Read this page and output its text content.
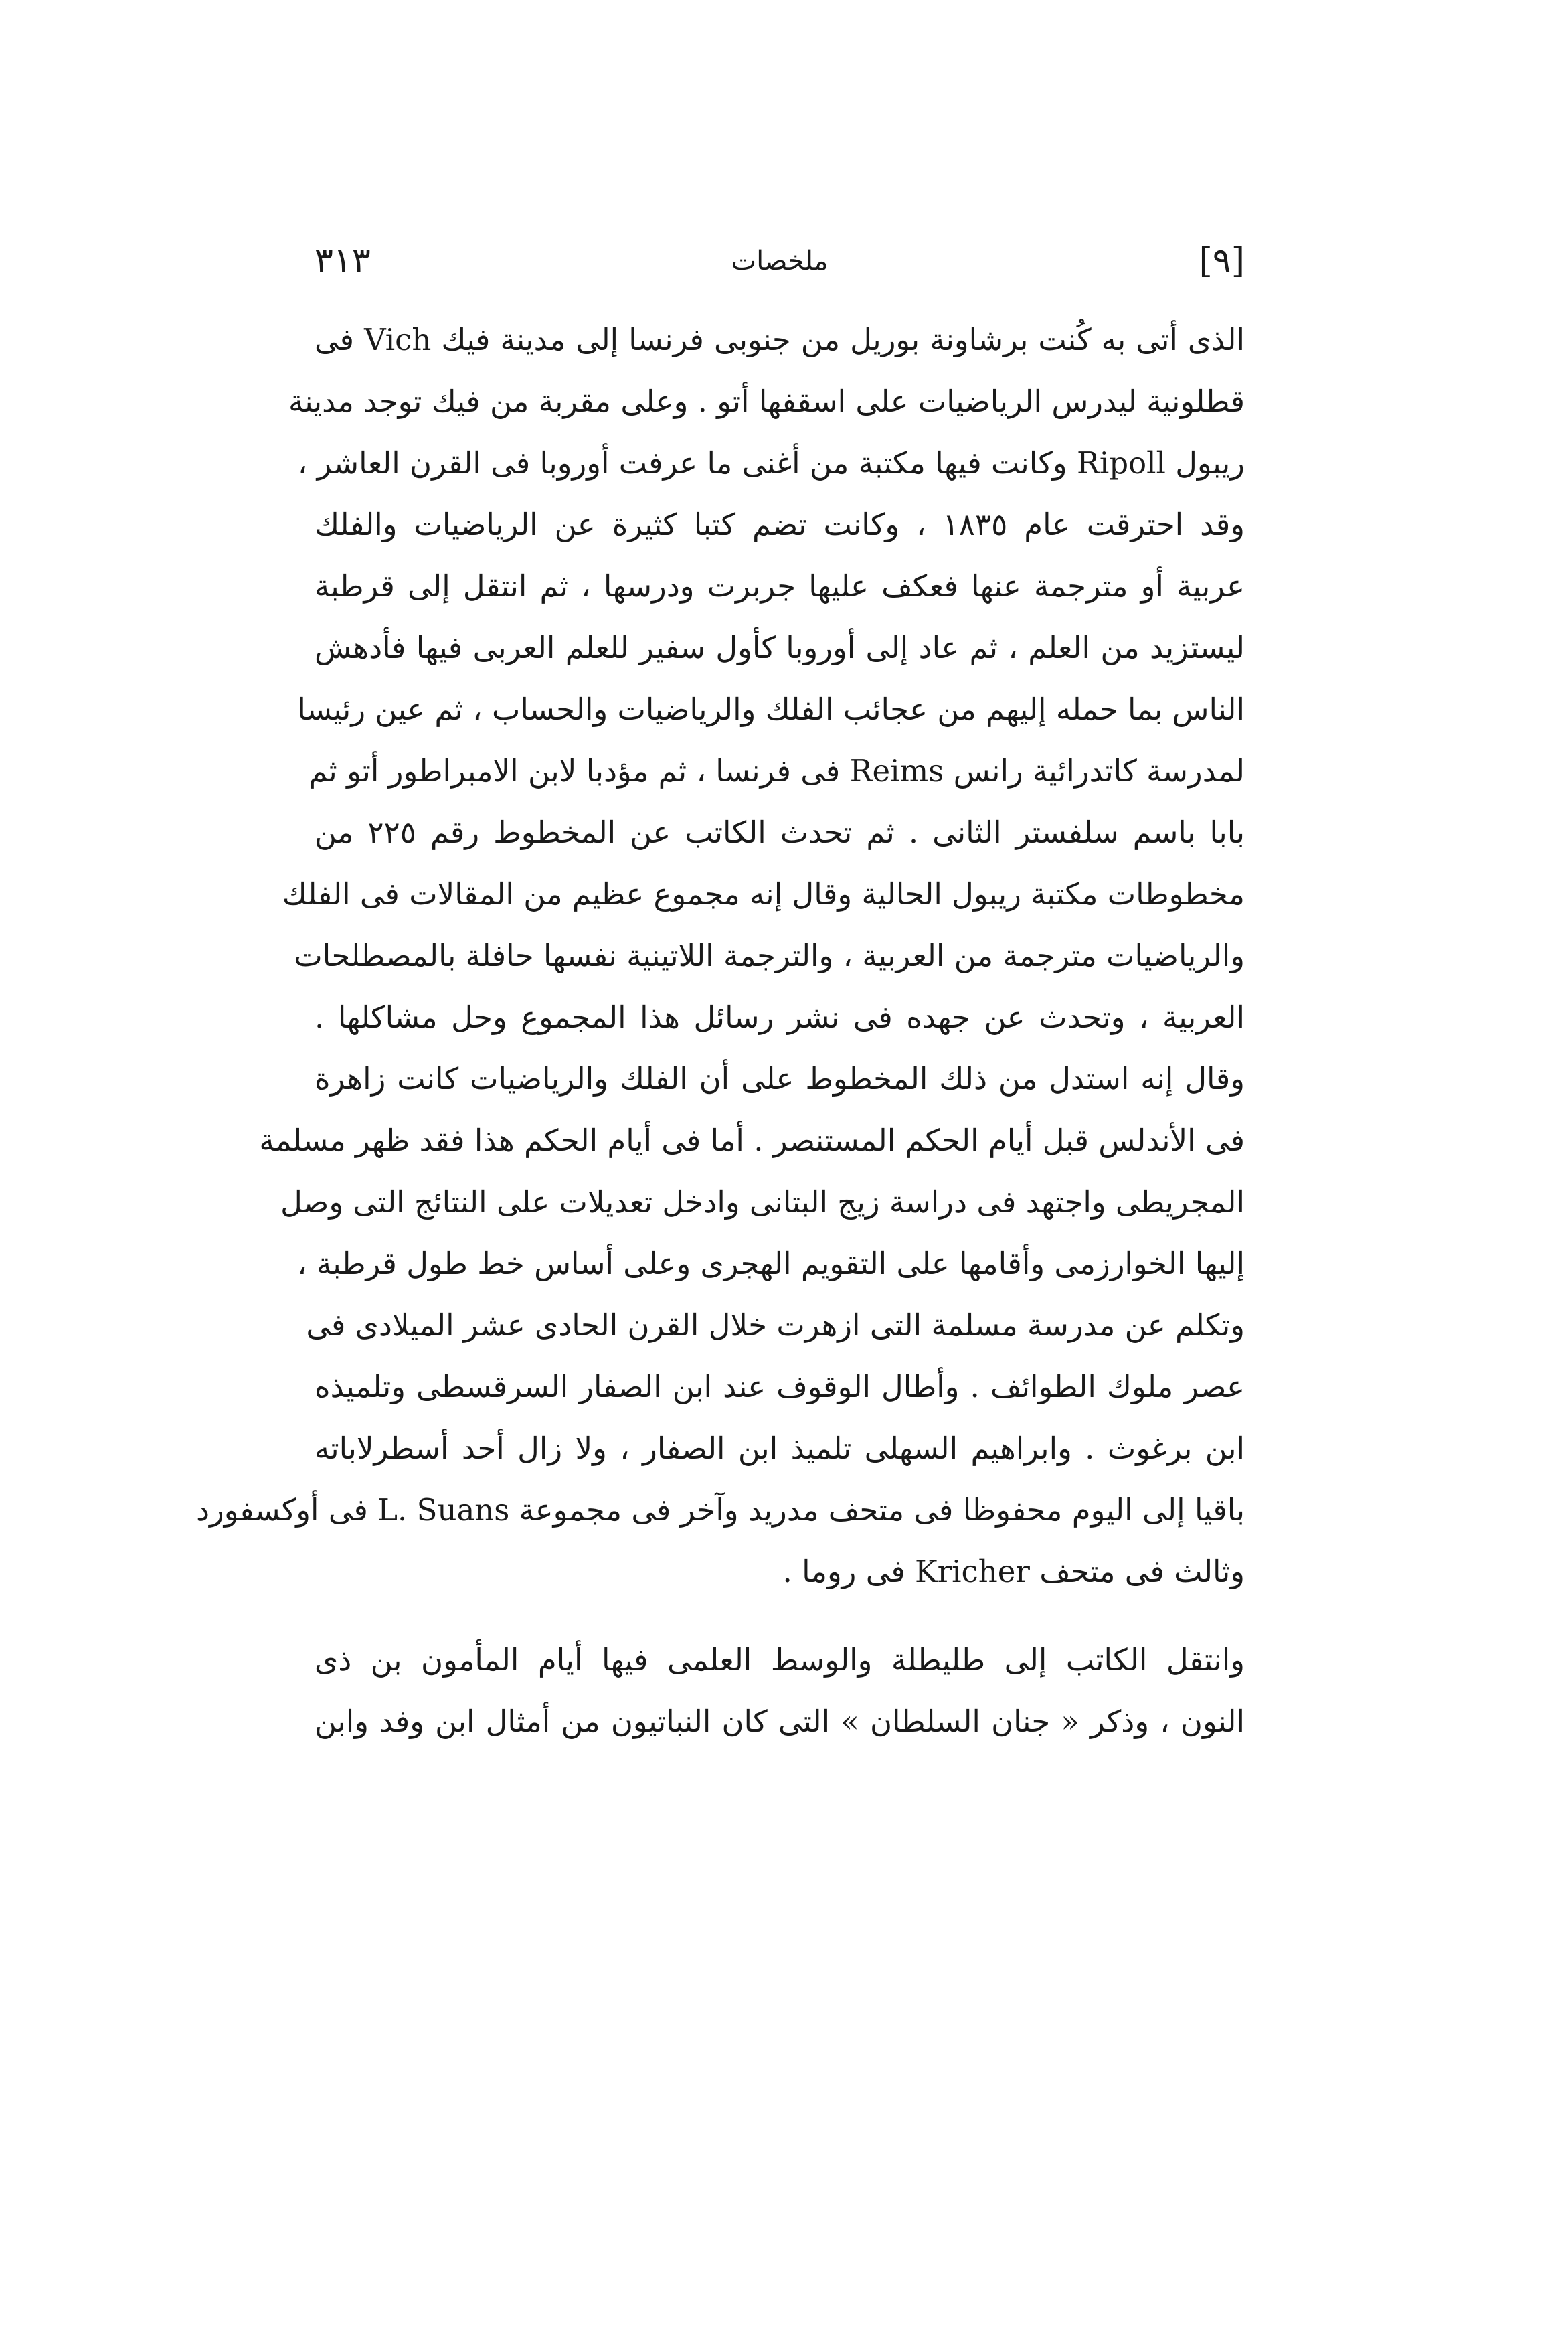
٣١٣	ملخصات	[٩]
الذى أتى به كُنت برشاونة بوريل من جنوبى فرنسا إلى مدينة فيك Vich فى
قطلونية ليدرس الرياضيات على اسقفها أتو . وعلى مقربة من فيك توجد مدينة
ريبول Ripoll وكانت فيها مكتبة من أغنى ما عرفت أوروبا فى القرن العاشر ،
وقد احترقت عام ١٨٣٥ ، وكانت تضم كتبا كثيرة عن الرياضيات والفلك
عربية أو مترجمة عنها فعكف عليها جربرت ودرسها ، ثم انتقل إلى قرطبة
ليستزيد من العلم ، ثم عاد إلى أوروبا كأول سفير للعلم العربى فيها فأدهش
الناس بما حمله إليهم من عجائب الفلك والرياضيات والحساب ، ثم عين رئيسا
لمدرسة كاتدرائية رانس Reims فى فرنسا ، ثم مؤدبا لابن الامبراطور أتو ثم
بابا باسم سلفستر الثانى . ثم تحدث الكاتب عن المخطوط رقم ٢٢٥ من
مخطوطات مكتبة ريبول الحالية وقال إنه مجموع عظيم من المقالات فى الفلك
والرياضيات مترجمة من العربية ، والترجمة اللاتينية نفسها حافلة بالمصطلحات
العربية ، وتحدث عن جهده فى نشر رسائل هذا المجموع وحل مشاكلها .
وقال إنه استدل من ذلك المخطوط على أن الفلك والرياضيات كانت زاهرة
فى الأندلس قبل أيام الحكم المستنصر . أما فى أيام الحكم هذا فقد ظهر مسلمة
المجريطى واجتهد فى دراسة زيج البتانى وادخل تعديلات على النتائج التى وصل
إليها الخوارزمى وأقامها على التقويم الهجرى وعلى أساس خط طول قرطبة ،
وتكلم عن مدرسة مسلمة التى ازهرت خلال القرن الحادى عشر الميلادى فى
عصر ملوك الطوائف . وأطال الوقوف عند ابن الصفار السرقسطى وتلميذه
ابن برغوث . وابراهيم السهلى تلميذ ابن الصفار ، ولا زال أحد أسطرلاباته
باقيا إلى اليوم محفوظا فى متحف مدريد وآخر فى مجموعة L. Suans فى أوكسفورد
وثالث فى متحف Kricher فى روما .
وانتقل الكاتب إلى طليطلة والوسط العلمى فيها أيام المأمون بن ذى
النون ، وذكر « جنان السلطان » التى كان النباتيون من أمثال ابن وفد وابن
